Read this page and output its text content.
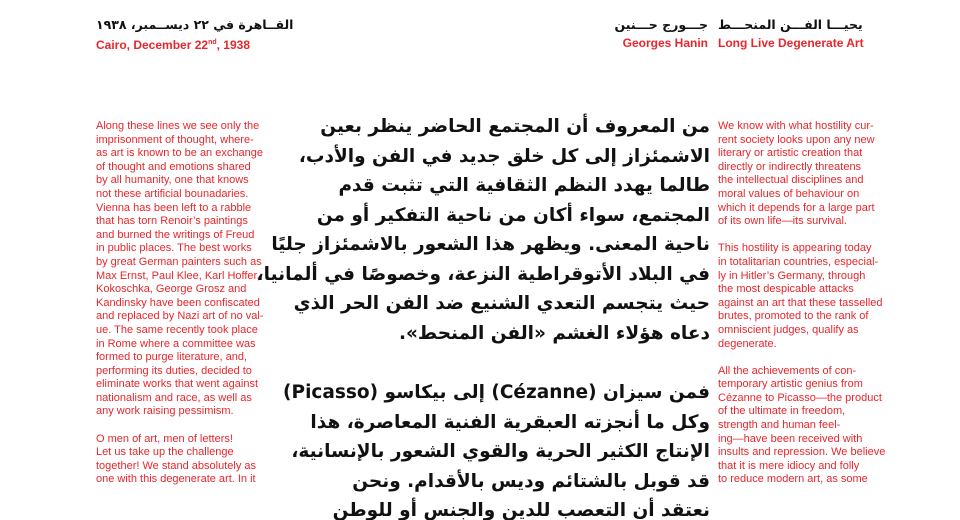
القــاهرة في ٢٢ ديســمبر، ١٩٣٨
Cairo, December 22nd, 1938
جـــورج حـــنين
Georges Hanin
يحيـــا الفـــن المنحـــط
Long Live Degenerate Art

Along these lines we see only the
imprisonment of thought, where-
as art is known to be an exchange
of thought and emotions shared
by all humanity, one that knows
not these artificial bounadaries.
Vienna has been left to a rabble
that has torn Renoir’s paintings
and burned the writings of Freud
in public places. The best works
by great German painters such as
Max Ernst, Paul Klee, Karl Hoffer,
Kokoschka, George Grosz and
Kandinsky have been confiscated
and replaced by Nazi art of no val-
ue. The same recently took place
in Rome where a committee was
formed to purge literature, and,
performing its duties, decided to
eliminate works that went against
nationalism and race, as well as
any work raising pessimism.

O men of art, men of letters!
Let us take up the challenge
together! We stand absolutely as
one with this degenerate art. In it

من المعروف أن المجتمع الحاضر ينظر بعين
الاشمئزاز إلى كل خلق جديد في الفن والأدب،
طالما يهدد النظم الثقافية التي تثبت قدم
المجتمع، سواء أكان من ناحية التفكير أو من
ناحية المعنى. ويظهر هذا الشعور بالاشمئزاز جليًا
في البلاد الأتوقراطية النزعة، وخصوصًا في ألمانيا،
حيث يتجسم التعدي الشنيع ضد الفن الحر الذي
دعاه هؤلاء الغشم «الفن المنحط».
فمن سيزان (Cézanne) إلى بيكاسو (Picasso)
وكل ما أنجزته العبقرية الفنية المعاصرة، هذا
الإنتاج الكثير الحرية والقوي الشعور بالإنسانية،
قد قوبل بالشتائم وديس بالأقدام. ونحن
نعتقد أن التعصب للدين والجنس أو للوطن

We know with what hostility cur-
rent society looks upon any new
literary or artistic creation that
directly or indirectly threatens
the intellectual disciplines and
moral values of behaviour on
which it depends for a large part
of its own life—its survival.

This hostility is appearing today
in totalitarian countries, especial-
ly in Hitler’s Germany, through
the most despicable attacks
against an art that these tasselled
brutes, promoted to the rank of
omniscient judges, qualify as
degenerate.

All the achievements of con-
temporary artistic genius from
Cézanne to Picasso—the product
of the ultimate in freedom,
strength and human feel-
ing—have been received with
insults and repression. We believe
that it is mere idiocy and folly
to reduce modern art, as some
